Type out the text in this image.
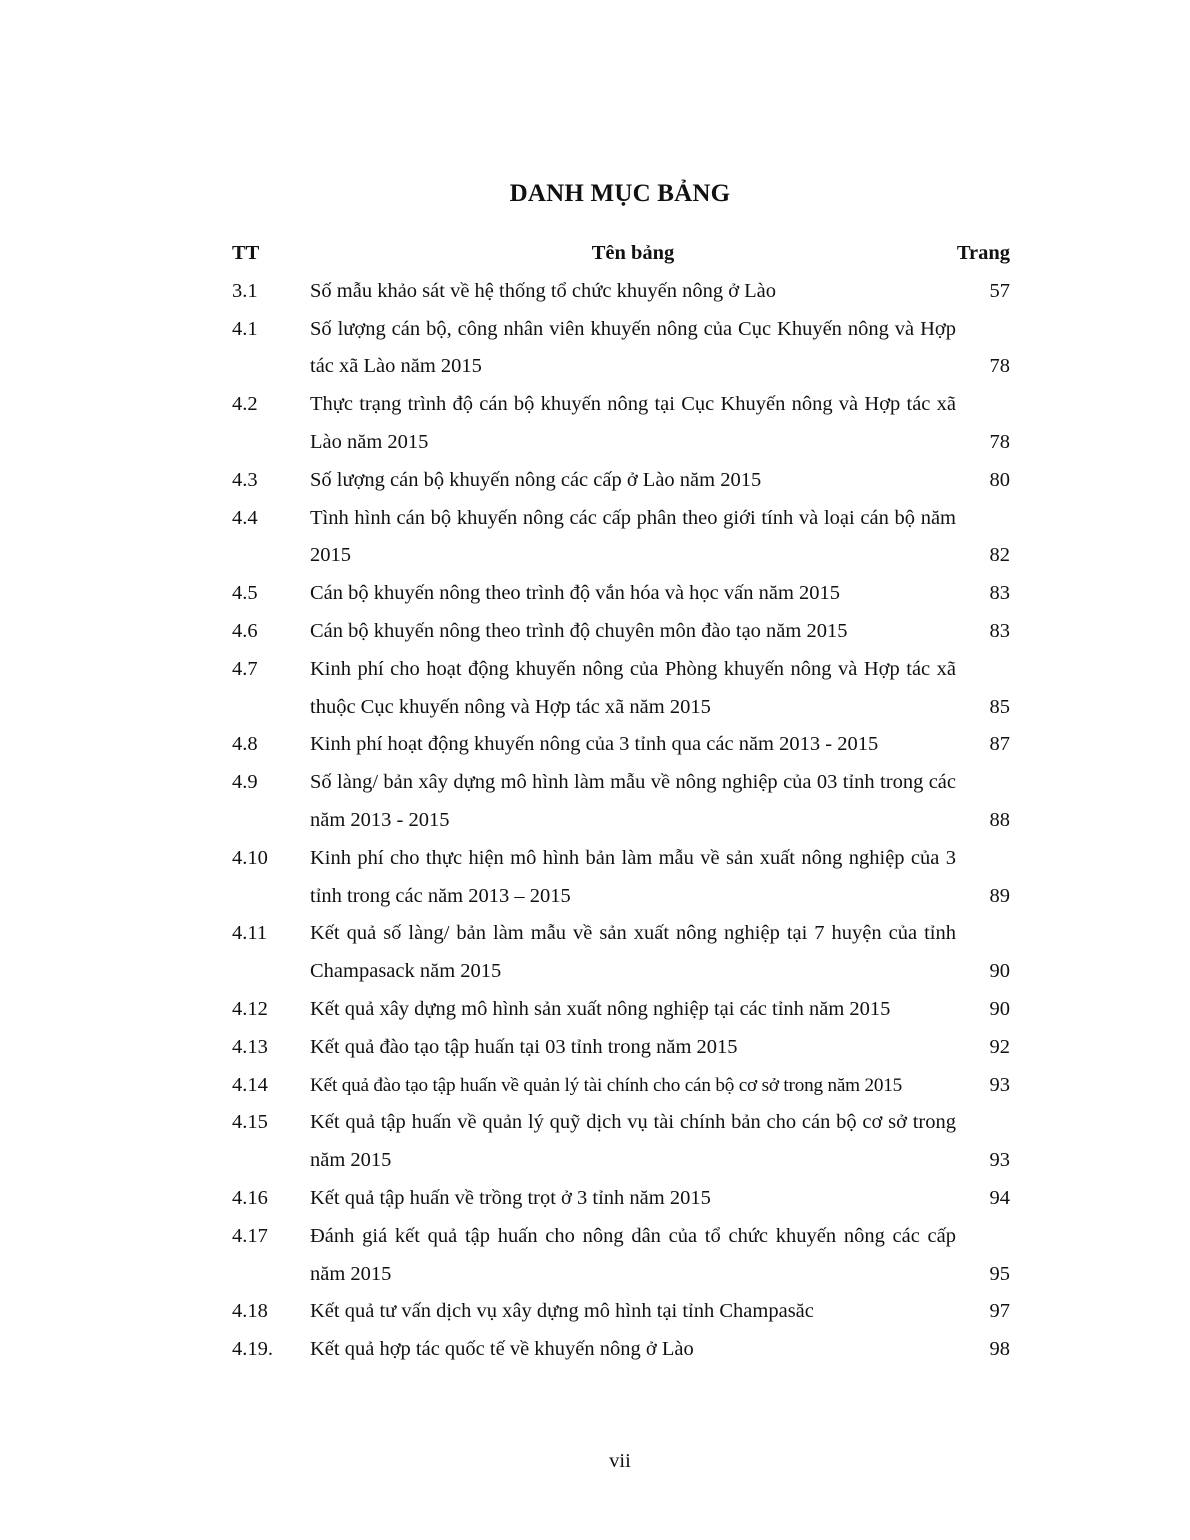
DANH MỤC BẢNG
TT	Tên bảng	Trang
3.1	Số mẫu khảo sát về hệ thống tổ chức khuyến nông ở Lào	57
4.1	Số lượng cán bộ, công nhân viên khuyến nông của Cục Khuyến nông và Hợp tác xã Lào năm 2015	78
4.2	Thực trạng trình độ cán bộ khuyến nông tại Cục Khuyến nông và Hợp tác xã Lào năm 2015	78
4.3	Số lượng cán bộ khuyến nông các cấp ở Lào năm 2015	80
4.4	Tình hình cán bộ khuyến nông các cấp phân theo giới tính và loại cán bộ năm 2015	82
4.5	Cán bộ khuyến nông theo trình độ vắn hóa và học vấn năm 2015	83
4.6	Cán bộ khuyến nông theo trình độ chuyên môn đào tạo năm 2015	83
4.7	Kinh phí cho hoạt động khuyến nông của Phòng khuyến nông và Hợp tác xã thuộc Cục khuyến nông và Hợp tác xã năm 2015	85
4.8	Kinh phí hoạt động khuyến nông của 3 tỉnh qua các năm 2013 - 2015	87
4.9	Số làng/ bản xây dựng mô hình làm mẫu về nông nghiệp của 03 tỉnh trong các năm 2013 - 2015	88
4.10	Kinh phí cho thực hiện mô hình bản làm mẫu về sản xuất nông nghiệp của 3 tỉnh trong các năm 2013 – 2015	89
4.11	Kết quả số làng/ bản làm mẫu về sản xuất nông nghiệp tại 7 huyện của tỉnh Champasack năm 2015	90
4.12	Kết quả xây dựng mô hình sản xuất nông nghiệp tại các tỉnh năm 2015	90
4.13	Kết quả đào tạo tập huấn tại 03 tỉnh trong năm 2015	92
4.14	Kết quả đào tạo tập huấn về quản lý tài chính cho cán bộ cơ sở trong năm 2015	93
4.15	Kết quả tập huấn về quản lý quỹ dịch vụ tài chính bản cho cán bộ cơ sở trong năm 2015	93
4.16	Kết quả tập huấn về trồng trọt ở 3 tỉnh năm 2015	94
4.17	Đánh giá kết quả tập huấn cho nông dân của tổ chức khuyến nông các cấp năm 2015	95
4.18	Kết quả tư vấn dịch vụ xây dựng mô hình tại tỉnh Champasăc	97
4.19.	Kết quả hợp tác quốc tế về khuyến nông ở Lào	98
vii
